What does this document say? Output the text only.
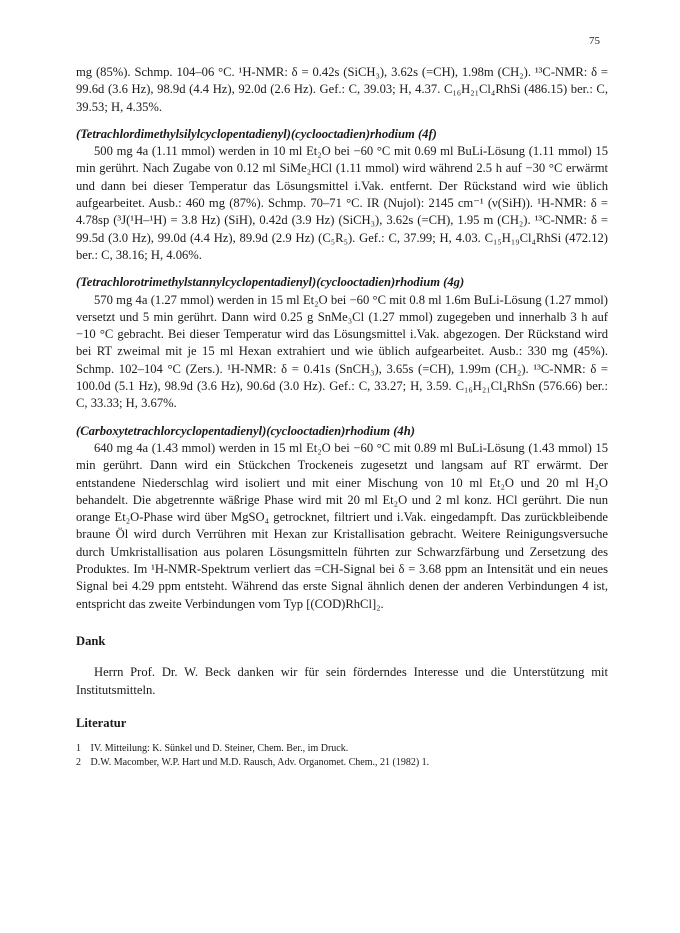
75

mg (85%). Schmp. 104–06 °C. ¹H-NMR: δ = 0.42s (SiCH₃), 3.62s (=CH), 1.98m (CH₂). ¹³C-NMR: δ = 99.6d (3.6 Hz), 98.9d (4.4 Hz), 92.0d (2.6 Hz). Gef.: C, 39.03; H, 4.37. C₁₆H₂₁Cl₄RhSi (486.15) ber.: C, 39.53; H, 4.35%.

(Tetrachlordimethylsilylcyclopentadienyl)(cyclooctadien)rhodium (4f)

500 mg 4a (1.11 mmol) werden in 10 ml Et₂O bei −60 °C mit 0.69 ml BuLi-Lösung (1.11 mmol) 15 min gerührt. Nach Zugabe von 0.12 ml SiMe₂HCl (1.11 mmol) wird während 2.5 h auf −30 °C erwärmt und dann bei dieser Temperatur das Lösungsmittel i.Vak. entfernt. Der Rückstand wird wie üblich aufgearbeitet. Ausb.: 460 mg (87%). Schmp. 70–71 °C. IR (Nujol): 2145 cm⁻¹ (ν(SiH)). ¹H-NMR: δ = 4.78sp (³J(¹H–¹H) = 3.8 Hz) (SiH), 0.42d (3.9 Hz) (SiCH₃), 3.62s (=CH), 1.95 m (CH₂). ¹³C-NMR: δ = 99.5d (3.0 Hz), 99.0d (4.4 Hz), 89.9d (2.9 Hz) (C₅R₅). Gef.: C, 37.99; H, 4.03. C₁₅H₁₉Cl₄RhSi (472.12) ber.: C, 38.16; H, 4.06%.

(Tetrachlorotrimethylstannylcyclopentadienyl)(cyclooctadien)rhodium (4g)

570 mg 4a (1.27 mmol) werden in 15 ml Et₂O bei −60 °C mit 0.8 ml 1.6m BuLi-Lösung (1.27 mmol) versetzt und 5 min gerührt. Dann wird 0.25 g SnMe₃Cl (1.27 mmol) zugegeben und innerhalb 3 h auf −10 °C gebracht. Bei dieser Temperatur wird das Lösungsmittel i.Vak. abgezogen. Der Rückstand wird bei RT zweimal mit je 15 ml Hexan extrahiert und wie üblich aufgearbeitet. Ausb.: 330 mg (45%). Schmp. 102–104 °C (Zers.). ¹H-NMR: δ = 0.41s (SnCH₃), 3.65s (=CH), 1.99m (CH₂). ¹³C-NMR: δ = 100.0d (5.1 Hz), 98.9d (3.6 Hz), 90.6d (3.0 Hz). Gef.: C, 33.27; H, 3.59. C₁₆H₂₁Cl₄RhSn (576.66) ber.: C, 33.33; H, 3.67%.

(Carboxytetrachlorcyclopentadienyl)(cyclooctadien)rhodium (4h)

640 mg 4a (1.43 mmol) werden in 15 ml Et₂O bei −60 °C mit 0.89 ml BuLi-Lösung (1.43 mmol) 15 min gerührt. Dann wird ein Stückchen Trockeneis zugesetzt und langsam auf RT erwärmt. Der entstandene Niederschlag wird isoliert und mit einer Mischung von 10 ml Et₂O und 20 ml H₂O behandelt. Die abgetrennte wäßrige Phase wird mit 20 ml Et₂O und 2 ml konz. HCl gerührt. Die nun orange Et₂O-Phase wird über MgSO₄ getrocknet, filtriert und i.Vak. eingedampft. Das zurückbleibende braune Öl wird durch Verrühren mit Hexan zur Kristallisation gebracht. Weitere Reinigungsversuche durch Umkristallisation aus polaren Lösungsmitteln führten zur Schwarzfärbung und Zersetzung des Produktes. Im ¹H-NMR-Spektrum verliert das =CH-Signal bei δ = 3.68 ppm an Intensität und ein neues Signal bei 4.29 ppm entsteht. Während das erste Signal ähnlich denen der anderen Verbindungen 4 ist, entspricht das zweite Verbindungen vom Typ [(COD)RhCl]₂.

Dank

Herrn Prof. Dr. W. Beck danken wir für sein förderndes Interesse und die Unterstützung mit Institutsmitteln.

Literatur

1 IV. Mitteilung: K. Sünkel und D. Steiner, Chem. Ber., im Druck.
2 D.W. Macomber, W.P. Hart und M.D. Rausch, Adv. Organomet. Chem., 21 (1982) 1.
